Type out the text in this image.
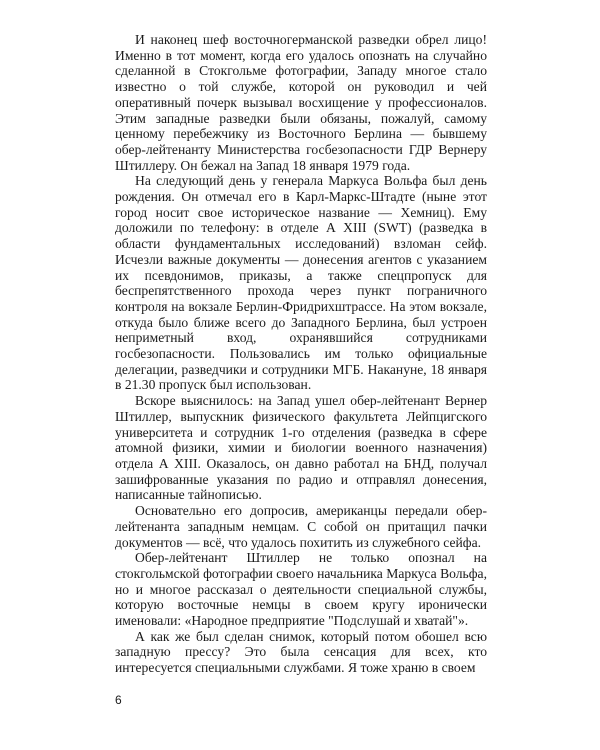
И наконец шеф восточногерманской разведки обрел лицо! Именно в тот момент, когда его удалось опознать на случайно сделанной в Стокгольме фотографии, Западу многое стало известно о той службе, которой он руководил и чей оперативный почерк вызывал восхищение у профессионалов. Этим западные разведки были обязаны, пожалуй, самому ценному перебежчику из Восточного Берлина — бывшему обер-лейтенанту Министерства госбезопасности ГДР Вернеру Штиллеру. Он бежал на Запад 18 января 1979 года.

На следующий день у генерала Маркуса Вольфа был день рождения. Он отмечал его в Карл-Маркс-Штадте (ныне этот город носит свое историческое название — Хемниц). Ему доложили по телефону: в отделе А XIII (SWT) (разведка в области фундаментальных исследований) взломан сейф. Исчезли важные документы — донесения агентов с указанием их псевдонимов, приказы, а также спецпропуск для беспрепятственного прохода через пункт пограничного контроля на вокзале Берлин-Фридрихштрассе. На этом вокзале, откуда было ближе всего до Западного Берлина, был устроен неприметный вход, охранявшийся сотрудниками госбезопасности. Пользовались им только официальные делегации, разведчики и сотрудники МГБ. Накануне, 18 января в 21.30 пропуск был использован.

Вскоре выяснилось: на Запад ушел обер-лейтенант Вернер Штиллер, выпускник физического факультета Лейпцигского университета и сотрудник 1-го отделения (разведка в сфере атомной физики, химии и биологии военного назначения) отдела А XIII. Оказалось, он давно работал на БНД, получал зашифрованные указания по радио и отправлял донесения, написанные тайнописью.

Основательно его допросив, американцы передали обер-лейтенанта западным немцам. С собой он притащил пачки документов — всё, что удалось похитить из служебного сейфа.

Обер-лейтенант Штиллер не только опознал на стокгольмской фотографии своего начальника Маркуса Вольфа, но и многое рассказал о деятельности специальной службы, которую восточные немцы в своем кругу иронически именовали: «Народное предприятие "Подслушай и хватай"».

А как же был сделан снимок, который потом обошел всю западную прессу? Это была сенсация для всех, кто интересуется специальными службами. Я тоже храню в своем

6
